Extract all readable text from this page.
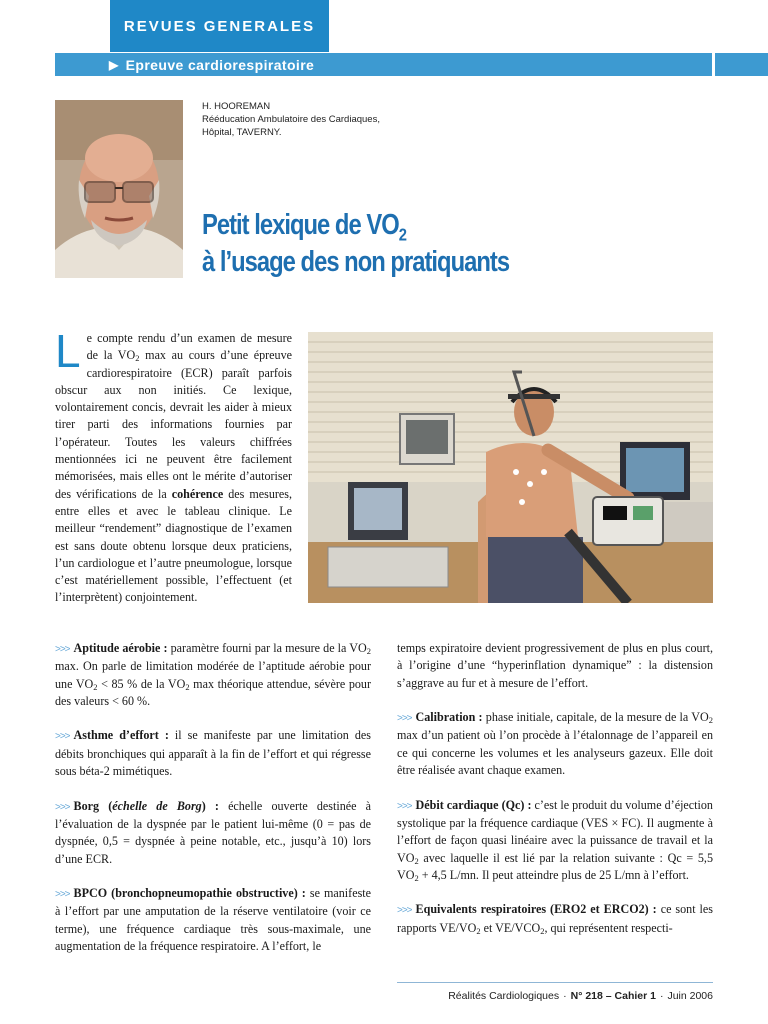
REVUES GENERALES
▶ Epreuve cardiorespiratoire
H. HOOREMAN
Rééducation Ambulatoire des Cardiaques,
Hôpital, TAVERNY.
Petit lexique de $VO_2$
à l’usage des non pratiquants
Le compte rendu d’un examen de mesure de la $VO_2$ max au cours d’une épreuve cardiorespiratoire (ECR) paraît parfois obscur aux non initiés. Ce lexique, volontairement concis, devrait les aider à mieux tirer parti des informations fournies par l’opérateur. Toutes les valeurs chiffrées mentionnées ici ne peuvent être facilement mémorisées, mais elles ont le mérite d’autoriser des vérifications de la cohérence des mesures, entre elles et avec le tableau clinique. Le meilleur “rendement” diagnostique de l’examen est sans doute obtenu lorsque deux praticiens, l’un cardiologue et l’autre pneumologue, lorsque c’est matériellement possible, l’effectuent (et l’interprètent) conjointement.

>>> Aptitude aérobie : paramètre fourni par la mesure de la $VO_2$ max. On parle de limitation modérée de l’aptitude aérobie pour une $VO_2 < 85$ % de la $VO_2$ max théorique attendue, sévère pour des valeurs < 60 %.

>>> Asthme d’effort : il se manifeste par une limitation des débits bronchiques qui apparaît à la fin de l’effort et qui régresse sous béta-2 mimétiques.

>>> Borg (échelle de Borg) : échelle ouverte destinée à l’évaluation de la dyspnée par le patient lui-même (0 = pas de dyspnée, 0,5 = dyspnée à peine notable, etc., jusqu’à 10) lors d’une ECR.

>>> BPCO (bronchopneumopathie obstructive) : se manifeste à l’effort par une amputation de la réserve ventilatoire (voir ce terme), une fréquence cardiaque très sous-maximale, une augmentation de la fréquence respiratoire. A l’effort, le

temps expiratoire devient progressivement de plus en plus court, à l’origine d’une “hyperinflation dynamique” : la distension s’aggrave au fur et à mesure de l’effort.

>>> Calibration : phase initiale, capitale, de la mesure de la $VO_2$ max d’un patient où l’on procède à l’étalonnage de l’appareil en ce qui concerne les volumes et les analyseurs gazeux. Elle doit être réalisée avant chaque examen.

>>> Débit cardiaque (Qc) : c’est le produit du volume d’éjection systolique par la fréquence cardiaque (VES × FC). Il augmente à l’effort de façon quasi linéaire avec la puissance de travail et la $VO_2$ avec laquelle il est lié par la relation suivante : Qc = 5,5 $VO_2 + 4,5$ L/mn. Il peut atteindre plus de 25 L/mn à l’effort.

>>> Equivalents respiratoires (ERO2 et ERCO2) : ce sont les rapports $VE/VO_2$ et $VE/VCO_2$, qui représentent respecti-

Réalités Cardiologiques · N° 218 – Cahier 1 · Juin 2006
